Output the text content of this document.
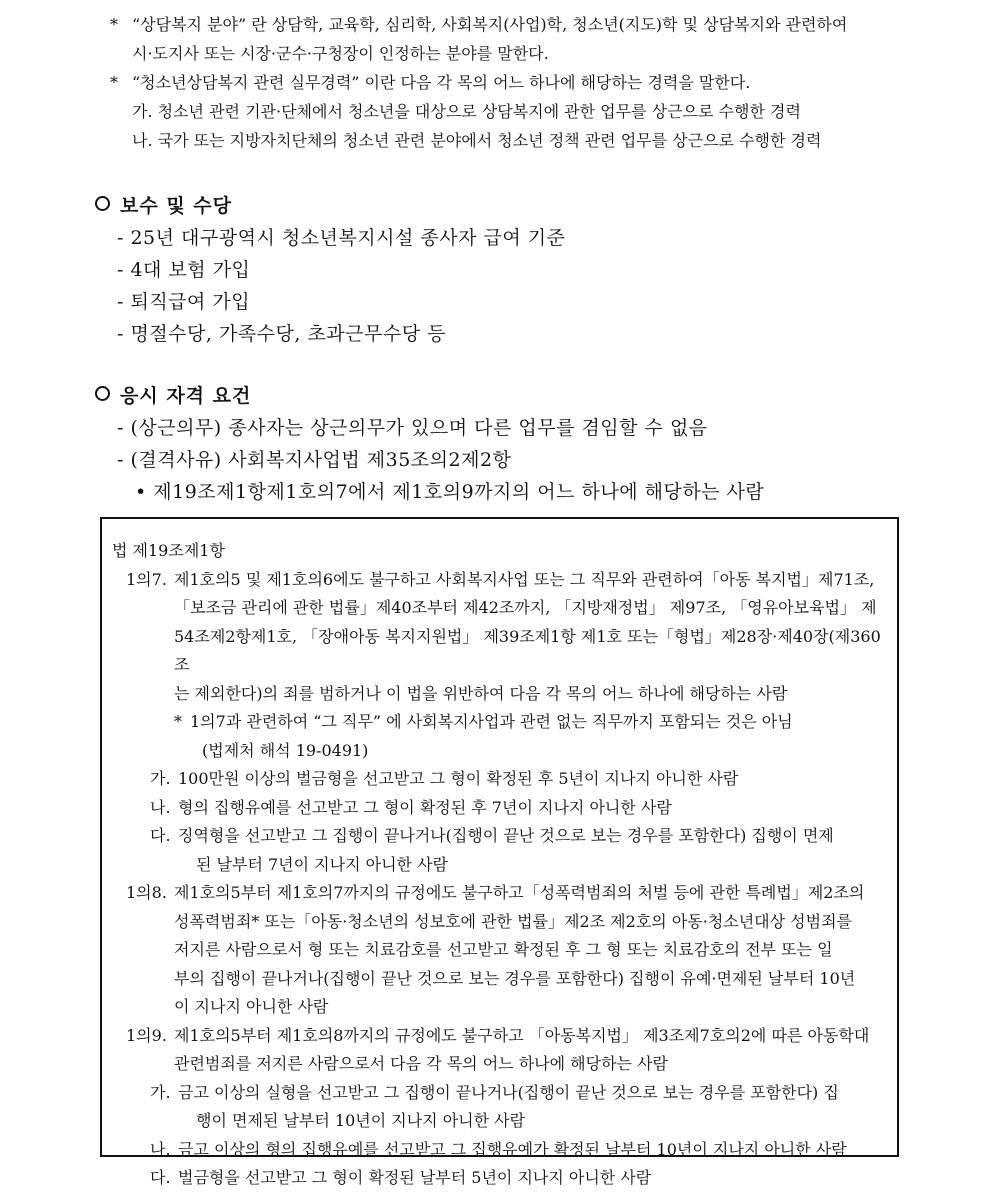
* “상담복지 분야” 란 상담학, 교육학, 심리학, 사회복지(사업)학, 청소년(지도)학 및 상담복지와 관련하여
시·도지사 또는 시장·군수·구청장이 인정하는 분야를 말한다.
* “청소년상담복지 관련 실무경력” 이란 다음 각 목의 어느 하나에 해당하는 경력을 말한다.
가. 청소년 관련 기관·단체에서 청소년을 대상으로 상담복지에 관한 업무를 상근으로 수행한 경력
나. 국가 또는 지방자치단체의 청소년 관련 분야에서 청소년 정책 관련 업무를 상근으로 수행한 경력
보수 및 수당
- 25년 대구광역시 청소년복지시설 종사자 급여 기준
- 4대 보험 가입
- 퇴직급여 가입
- 명절수당, 가족수당, 초과근무수당 등
응시 자격 요건
- (상근의무) 종사자는 상근의무가 있으며 다른 업무를 겸임할 수 없음
- (결격사유) 사회복지사업법 제35조의2제2항
• 제19조제1항제1호의7에서 제1호의9까지의 어느 하나에 해당하는 사람
법 제19조제1항
1의7. 제1호의5 및 제1호의6에도 불구하고 사회복지사업 또는 그 직무와 관련하여「아동 복지법」제71조,
「보조금 관리에 관한 법률」제40조부터 제42조까지, 「지방재정법」 제97조, 「영유아보육법」 제
54조제2항제1호, 「장애아동 복지지원법」 제39조제1항 제1호 또는「형법」제28장·제40장(제360조
는 제외한다)의 죄를 범하거나 이 법을 위반하여 다음 각 목의 어느 하나에 해당하는 사람
* 1의7과 관련하여 “그 직무” 에 사회복지사업과 관련 없는 직무까지 포함되는 것은 아님
(법제처 해석 19-0491)
가. 100만원 이상의 벌금형을 선고받고 그 형이 확정된 후 5년이 지나지 아니한 사람
나. 형의 집행유예를 선고받고 그 형이 확정된 후 7년이 지나지 아니한 사람
다. 징역형을 선고받고 그 집행이 끝나거나(집행이 끝난 것으로 보는 경우를 포함한다) 집행이 면제
된 날부터 7년이 지나지 아니한 사람
1의8. 제1호의5부터 제1호의7까지의 규정에도 불구하고「성폭력범죄의 처벌 등에 관한 특례법」제2조의
성폭력범죄* 또는「아동·청소년의 성보호에 관한 법률」제2조 제2호의 아동·청소년대상 성범죄를
저지른 사람으로서 형 또는 치료감호를 선고받고 확정된 후 그 형 또는 치료감호의 전부 또는 일
부의 집행이 끝나거나(집행이 끝난 것으로 보는 경우를 포함한다) 집행이 유예·면제된 날부터 10년
이 지나지 아니한 사람
1의9. 제1호의5부터 제1호의8까지의 규정에도 불구하고 「아동복지법」 제3조제7호의2에 따른 아동학대
관련범죄를 저지른 사람으로서 다음 각 목의 어느 하나에 해당하는 사람
가. 금고 이상의 실형을 선고받고 그 집행이 끝나거나(집행이 끝난 것으로 보는 경우를 포함한다) 집
행이 면제된 날부터 10년이 지나지 아니한 사람
나. 금고 이상의 형의 집행유예를 선고받고 그 집행유예가 확정된 날부터 10년이 지나지 아니한 사람
다. 벌금형을 선고받고 그 형이 확정된 날부터 5년이 지나지 아니한 사람
